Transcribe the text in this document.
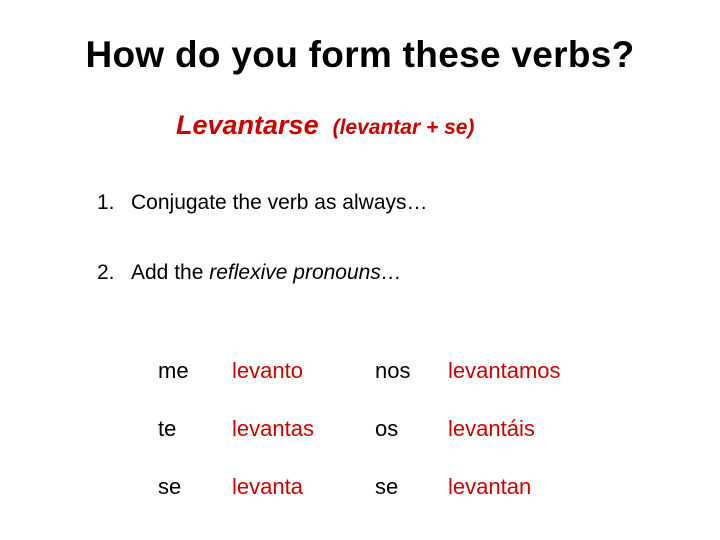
How do you form these verbs?
Levantarse (levantar + se)
1. Conjugate the verb as always…
2. Add the reflexive pronouns…
me levanto	nos levantamos
te	levantas	os levantáis
se levanta	se levantan
